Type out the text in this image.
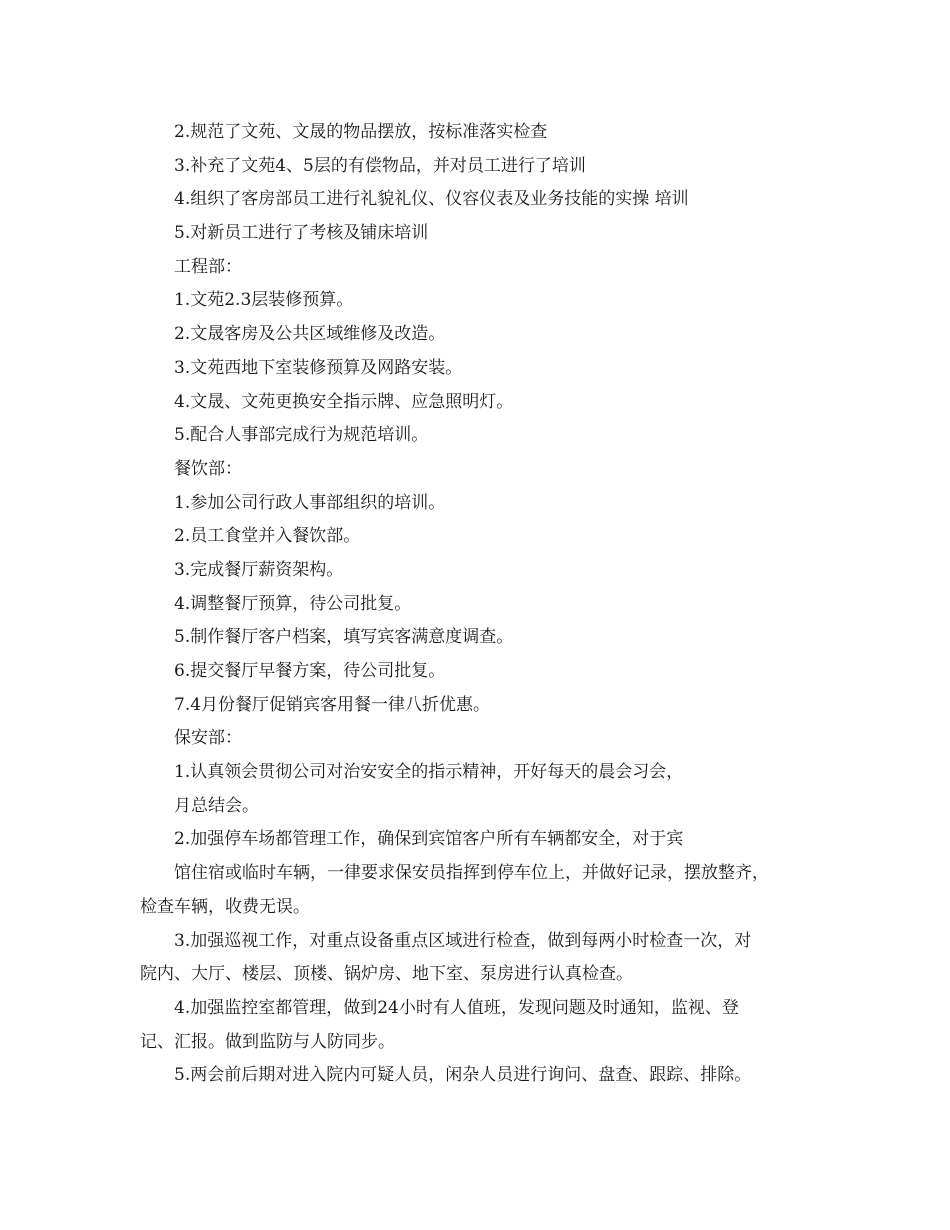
2.规范了文苑、文晟的物品摆放，按标准落实检查
3.补充了文苑4、5层的有偿物品，并对员工进行了培训
4.组织了客房部员工进行礼貌礼仪、仪容仪表及业务技能的实操 培训
5.对新员工进行了考核及铺床培训
工程部：
1.文苑2.3层装修预算。
2.文晟客房及公共区域维修及改造。
3.文苑西地下室装修预算及网路安装。
4.文晟、文苑更换安全指示牌、应急照明灯。
5.配合人事部完成行为规范培训。
餐饮部：
1.参加公司行政人事部组织的培训。
2.员工食堂并入餐饮部。
3.完成餐厅薪资架构。
4.调整餐厅预算，待公司批复。
5.制作餐厅客户档案，填写宾客满意度调查。
6.提交餐厅早餐方案，待公司批复。
7.4月份餐厅促销宾客用餐一律八折优惠。
保安部：
1.认真领会贯彻公司对治安安全的指示精神，开好每天的晨会习会，
月总结会。
2.加强停车场都管理工作，确保到宾馆客户所有车辆都安全，对于宾
馆住宿或临时车辆，一律要求保安员指挥到停车位上，并做好记录，摆放整齐，
检查车辆，收费无误。
3.加强巡视工作，对重点设备重点区域进行检查，做到每两小时检查一次，对
院内、大厅、楼层、顶楼、锅炉房、地下室、泵房进行认真检查。
4.加强监控室都管理，做到24小时有人值班，发现问题及时通知，监视、登
记、汇报。做到监防与人防同步。
5.两会前后期对进入院内可疑人员，闲杂人员进行询问、盘查、跟踪、排除。
